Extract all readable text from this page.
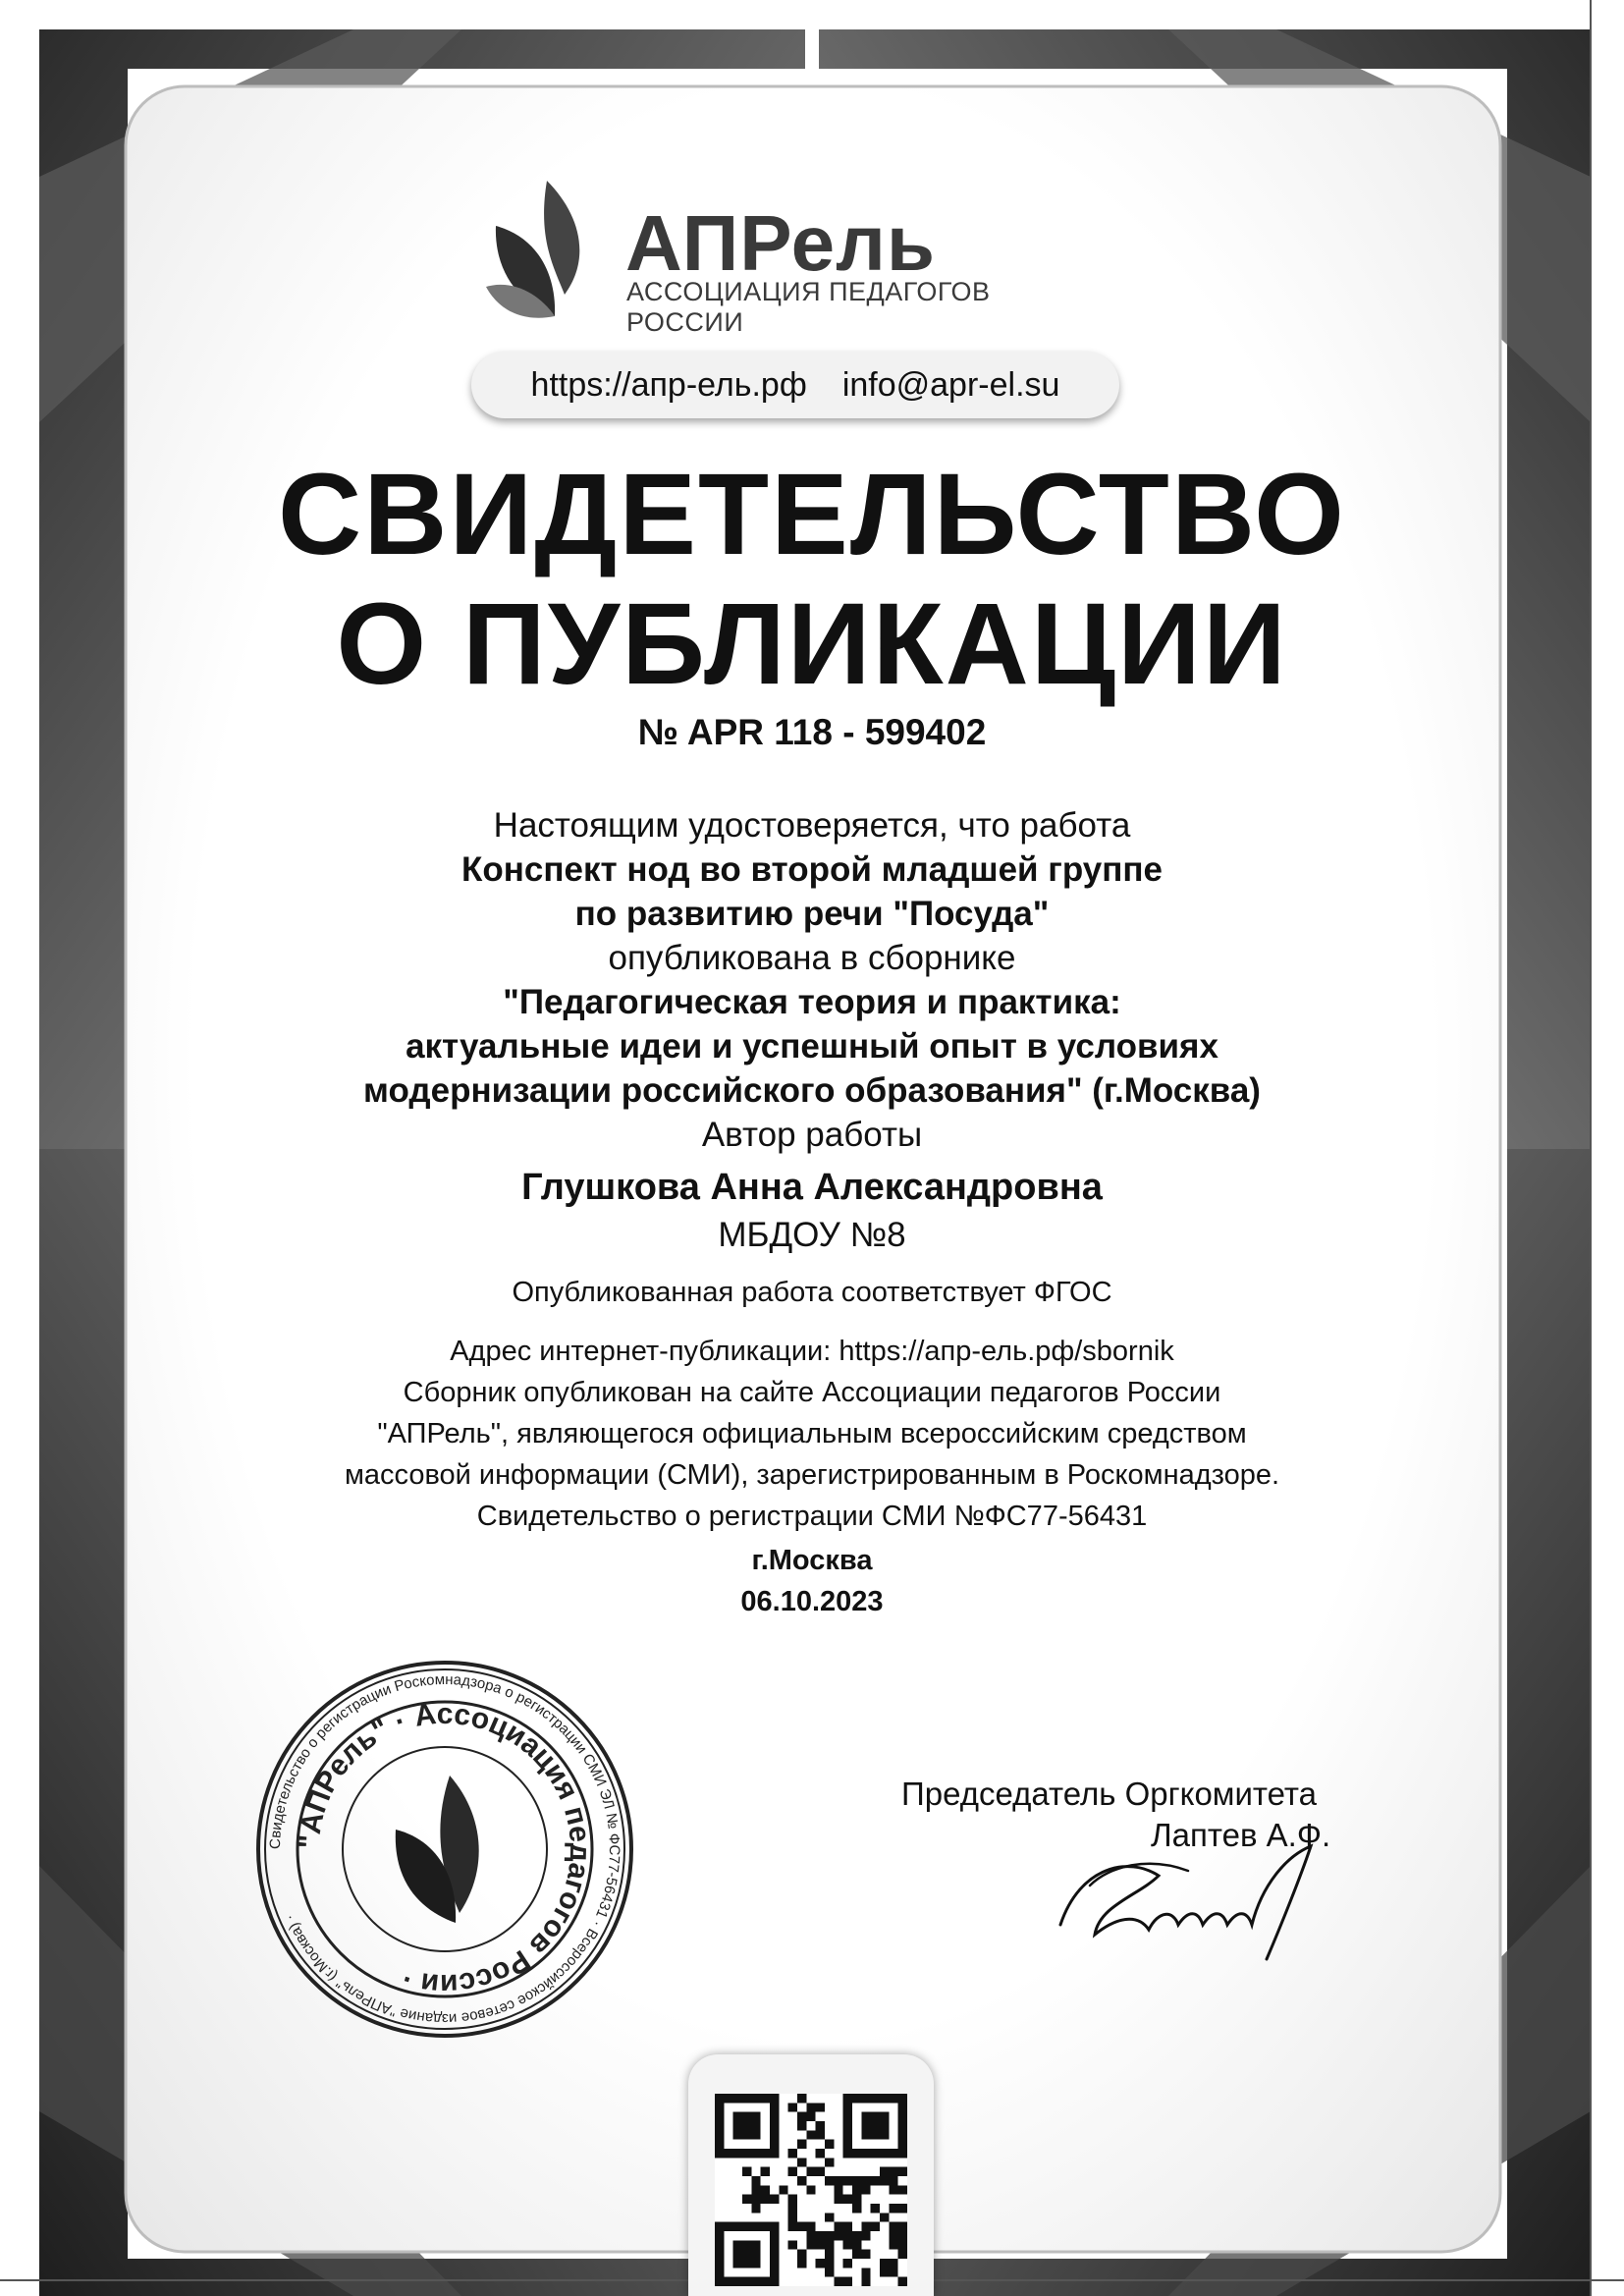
АПРель
АССОЦИАЦИЯ ПЕДАГОГОВ РОССИИ
https://апр-ель.рф info@apr-el.su
СВИДЕТЕЛЬСТВО
О ПУБЛИКАЦИИ
№ APR 118 - 599402
Настоящим удостоверяется, что работа
Конспект нод во второй младшей группе
по развитию речи "Посуда"
опубликована в сборнике
"Педагогическая теория и практика:
актуальные идеи и успешный опыт в условиях
модернизации российского образования" (г.Москва)
Автор работы
Глушкова Анна Александровна
МБДОУ №8
Опубликованная работа соответствует ФГОС
Адрес интернет-публикации: https://апр-ель.рф/sbornik
Сборник опубликован на сайте Ассоциации педагогов России
"АПРель", являющегося официальным всероссийским средством
массовой информации (СМИ), зарегистрированным в Роскомнадзоре.
Свидетельство о регистрации СМИ №ФС77-56431
г.Москва
06.10.2023
Свидетельство о регистрации Роскомнадзора о регистрации СМИ ЭЛ № ФС77-56431 · Всероссийское сетевое издание "АПРель" (г.Москва) ·
"АПРель" · Ассоциация педагогов России ·
Председатель Оргкомитета
Лаптев А.Ф.
